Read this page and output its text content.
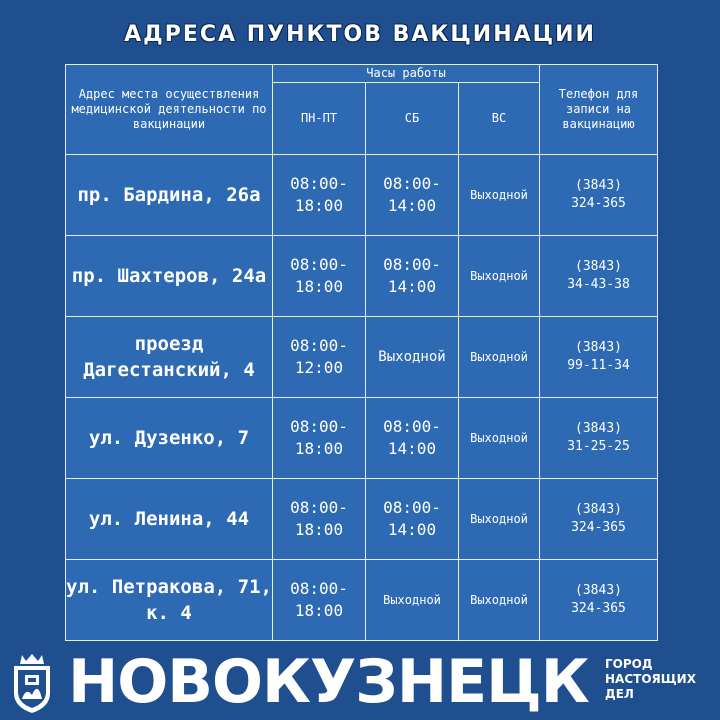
АДРЕСА ПУНКТОВ ВАКЦИНАЦИИ
Адрес места осуществления медицинской деятельности по вакцинации	Часы работы			Телефон для записи на вакцинацию
	ПН-ПТ	СБ	ВС	
пр. Бардина, 26а	08:00-18:00	08:00-14:00	Выходной	(3843)
324-365

пр. Шахтеров, 24а	08:00-18:00	08:00-14:00	Выходной	(3843)
34-43-38

проезд Дагестанский, 4	08:00-12:00	Выходной	Выходной	(3843)
99-11-34

ул. Дузенко, 7	08:00-18:00	08:00-14:00	Выходной	(3843)
31-25-25

ул. Ленина, 44	08:00-18:00	08:00-14:00	Выходной	(3843)
324-365

ул. Петракова, 71, к. 4	08:00-18:00	Выходной	Выходной	(3843)
324-365
НОВОКУЗНЕЦК ГОРОД
НАСТОЯЩИХ
ДЕЛ
